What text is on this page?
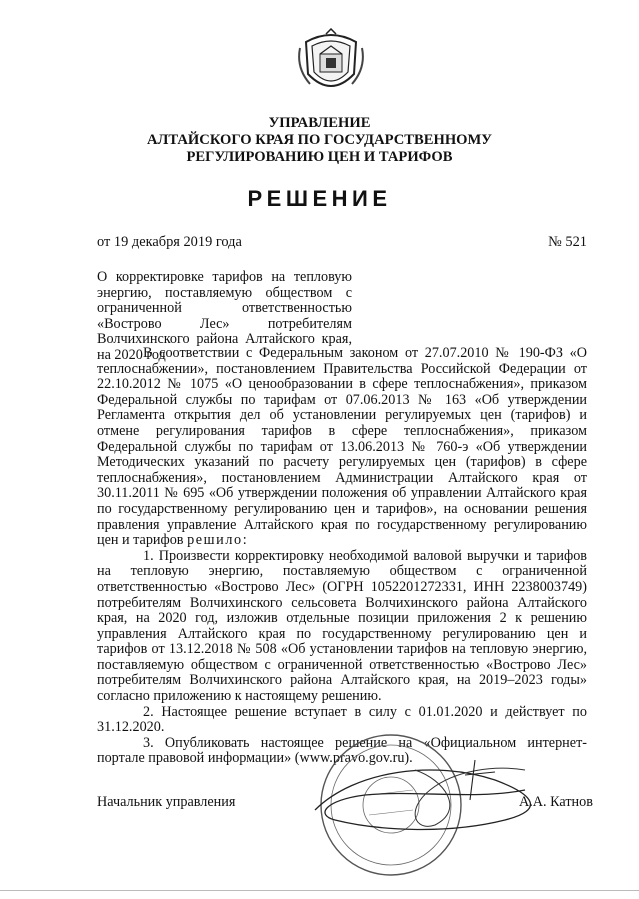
УПРАВЛЕНИЕ
АЛТАЙСКОГО КРАЯ ПО ГОСУДАРСТВЕННОМУ
РЕГУЛИРОВАНИЮ ЦЕН И ТАРИФОВ
РЕШЕНИЕ
от 19 декабря 2019 года	№ 521
О корректировке тарифов на тепловую энергию, поставляемую обществом с ограниченной ответственностью «Вострово Лес» потребителям Волчихинского района Алтайского края, на 2020 год

В соответствии с Федеральным законом от 27.07.2010 № 190-ФЗ «О теплоснабжении», постановлением Правительства Российской Федерации от 22.10.2012 № 1075 «О ценообразовании в сфере теплоснабжения», приказом Федеральной службы по тарифам от 07.06.2013 № 163 «Об утверждении Регламента открытия дел об установлении регулируемых цен (тарифов) и отмене регулирования тарифов в сфере теплоснабжения», приказом Федеральной службы по тарифам от 13.06.2013 № 760-э «Об утверждении Методических указаний по расчету регулируемых цен (тарифов) в сфере теплоснабжения», постановлением Администрации Алтайского края от 30.11.2011 № 695 «Об утверждении положения об управлении Алтайского края по государственному регулированию цен и тарифов», на основании решения правления управление Алтайского края по государственному регулированию цен и тарифов решило:

1. Произвести корректировку необходимой валовой выручки и тарифов на тепловую энергию, поставляемую обществом с ограниченной ответственностью «Вострово Лес» (ОГРН 1052201272331, ИНН 2238003749) потребителям Волчихинского сельсовета Волчихинского района Алтайского края, на 2020 год, изложив отдельные позиции приложения 2 к решению управления Алтайского края по государственному регулированию цен и тарифов от 13.12.2018 № 508 «Об установлении тарифов на тепловую энергию, поставляемую обществом с ограниченной ответственностью «Вострово Лес» потребителям Волчихинского района Алтайского края, на 2019–2023 годы» согласно приложению к настоящему решению.

2. Настоящее решение вступает в силу с 01.01.2020 и действует по 31.12.2020.

3. Опубликовать настоящее решение на «Официальном интернет-портале правовой информации» (www.pravo.gov.ru).

Начальник управления	А.А. Катнов
